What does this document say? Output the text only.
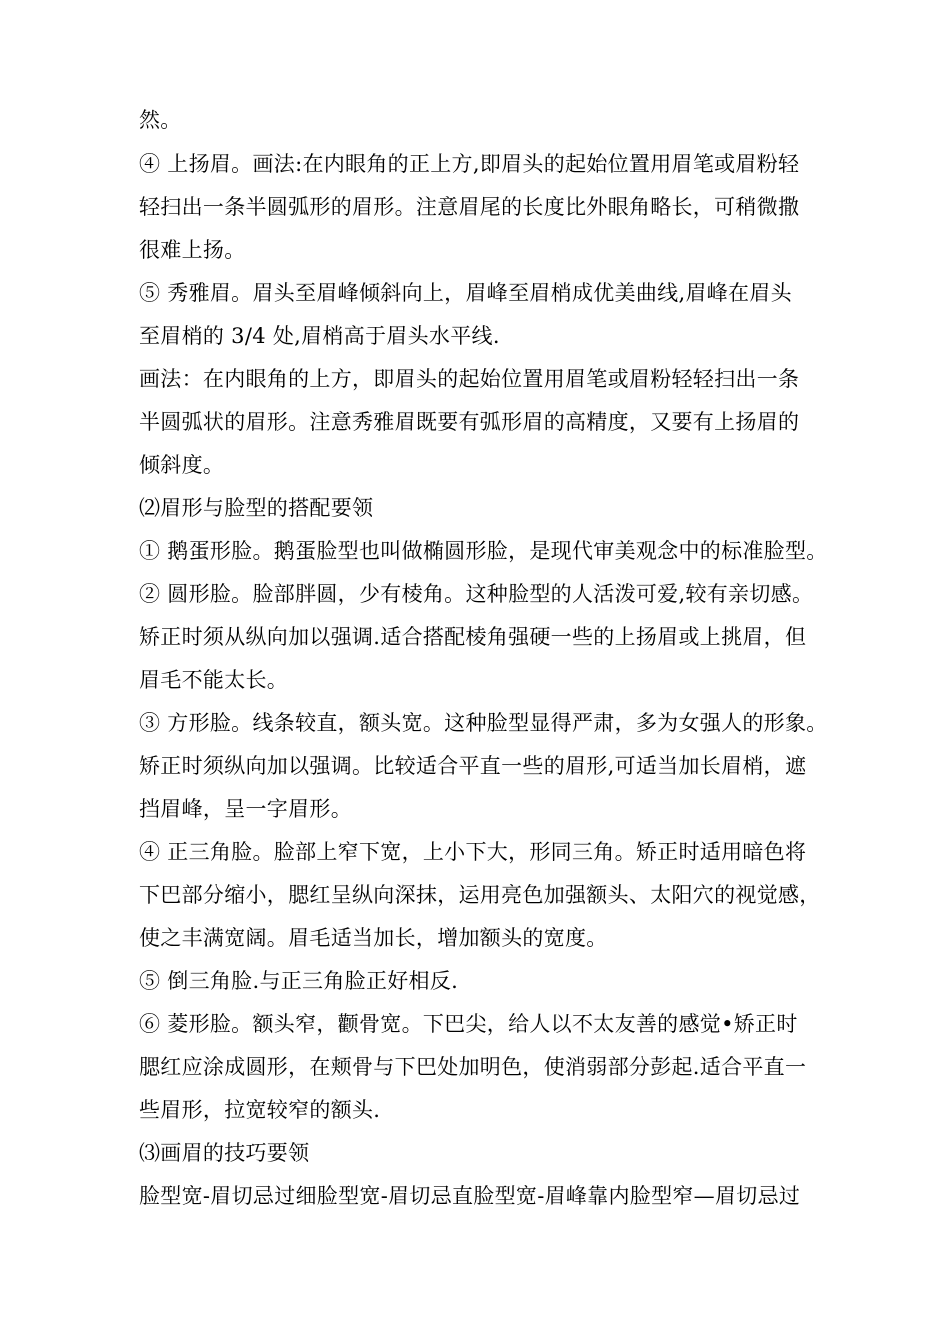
然。
④ 上扬眉。画法:在内眼角的正上方,即眉头的起始位置用眉笔或眉粉轻
轻扫出一条半圆弧形的眉形。注意眉尾的长度比外眼角略长，可稍微撒
很难上扬。
⑤ 秀雅眉。眉头至眉峰倾斜向上，眉峰至眉梢成优美曲线,眉峰在眉头
至眉梢的 3/4 处,眉梢高于眉头水平线.
画法：在内眼角的上方，即眉头的起始位置用眉笔或眉粉轻轻扫出一条
半圆弧状的眉形。注意秀雅眉既要有弧形眉的高精度，又要有上扬眉的
倾斜度。
⑵眉形与脸型的搭配要领
① 鹅蛋形脸。鹅蛋脸型也叫做椭圆形脸，是现代审美观念中的标准脸型。
② 圆形脸。脸部胖圆，少有棱角。这种脸型的人活泼可爱,较有亲切感。
矫正时须从纵向加以强调.适合搭配棱角强硬一些的上扬眉或上挑眉，但
眉毛不能太长。
③ 方形脸。线条较直，额头宽。这种脸型显得严肃，多为女强人的形象。
矫正时须纵向加以强调。比较适合平直一些的眉形,可适当加长眉梢，遮
挡眉峰，呈一字眉形。
④ 正三角脸。脸部上窄下宽，上小下大，形同三角。矫正时适用暗色将
下巴部分缩小，腮红呈纵向深抹，运用亮色加强额头、太阳穴的视觉感，
使之丰满宽阔。眉毛适当加长，增加额头的宽度。
⑤ 倒三角脸.与正三角脸正好相反.
⑥ 菱形脸。额头窄，颧骨宽。下巴尖，给人以不太友善的感觉•矫正时
腮红应涂成圆形，在颊骨与下巴处加明色，使消弱部分彭起.适合平直一
些眉形，拉宽较窄的额头.
⑶画眉的技巧要领
脸型宽-眉切忌过细脸型宽-眉切忌直脸型宽-眉峰靠内脸型窄—眉切忌过
